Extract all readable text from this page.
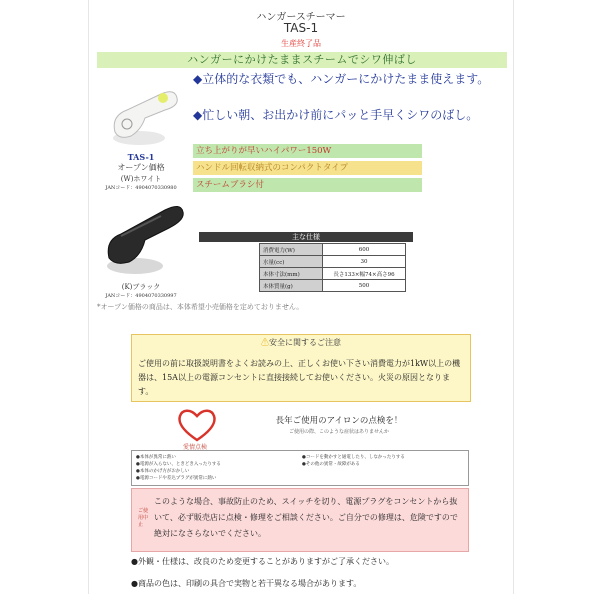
ハンガースチーマー
TAS-1
生産終了品
ハンガーにかけたままスチームでシワ伸ばし
TAS-1
オープン価格
(W)ホワイト
JANコード：4904070330980
(K)ブラック
JANコード：4904070330997
◆立体的な衣類でも、ハンガーにかけたまま使えます。
◆忙しい朝、お出かけ前にパッと手早くシワのばし。
立ち上がりが早いハイパワー150W
ハンドル回転収納式のコンパクトタイプ
スチームブラシ付
主な仕様
消費電力(W)	600
水量(cc)	30
本体寸法(mm)	長さ133×幅74×高さ96
本体質量(g)	500
*オープン価格の商品は、本体希望小売価格を定めておりません。
⚠安全に関するご注意
ご使用の前に取扱説明書をよくお読みの上、正しくお使い下さい消費電力が1kW以上の機器は、15A以上の電源コンセントに直接接続してお使いください。火災の原因となります。
愛情点検
長年ご使用のアイロンの点検を！
ご使用の際、このような症状はありませんか
●本体が異常に熱い
●電源が入らない、ときどき入ったりする
●本体のかげ方がおかしい
●電源コードや差込プラグが異常に熱い
●コードを動かすと通電したり、しなかったりする
●その他の異常・故障がある
ご使用中止
このような場合、事故防止のため、スイッチを切り、電源プラグをコンセントから抜いて、必ず販売店に点検・修理をご相談ください。ご自分での修理は、危険ですので絶対になさらないでください。
●外観・仕様は、改良のため変更することがありますがご了承ください。
●商品の色は、印刷の具合で実物と若干異なる場合があります。
